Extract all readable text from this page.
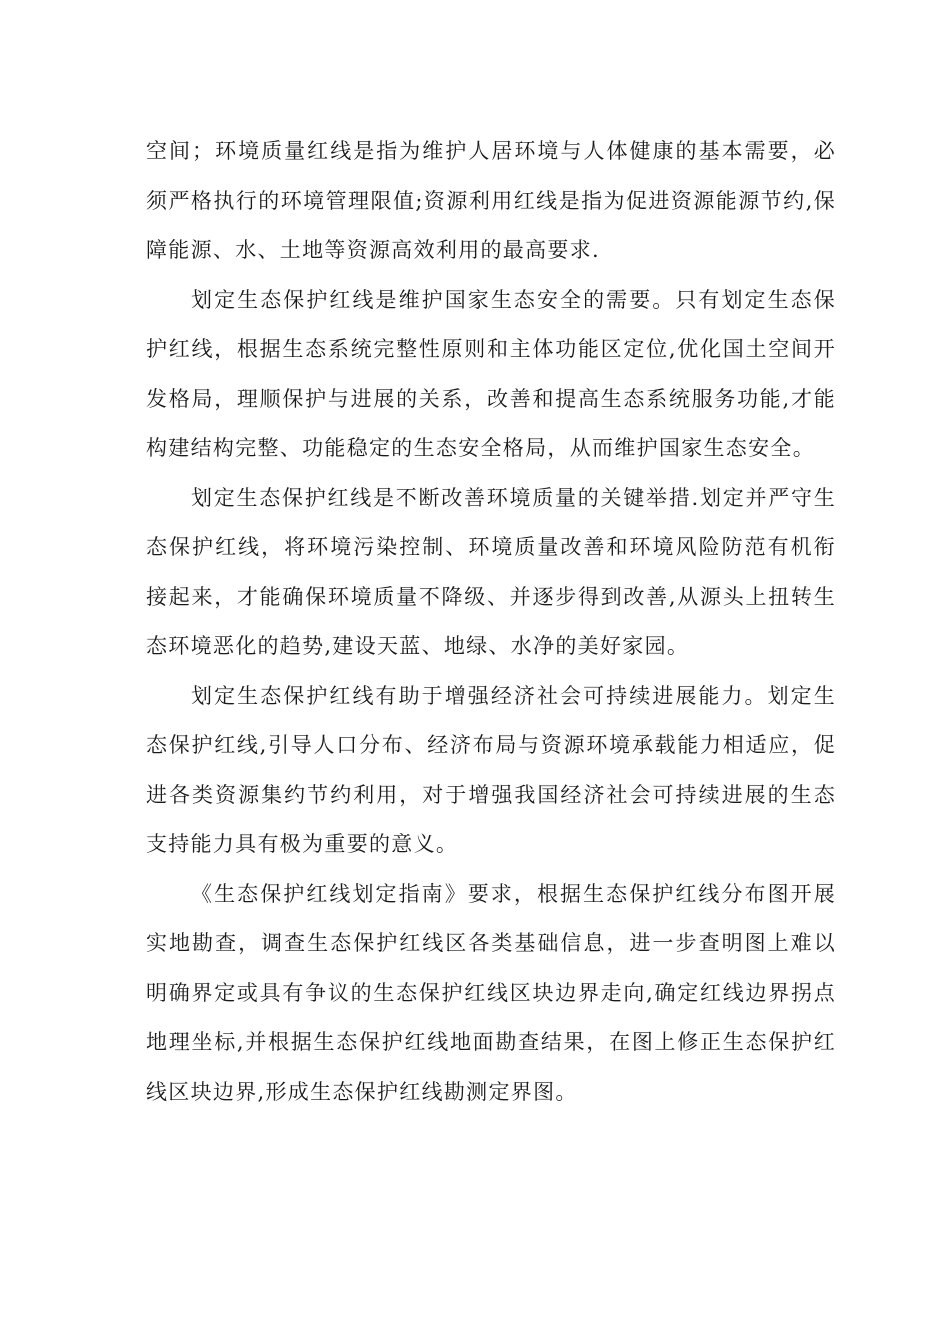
空间；环境质量红线是指为维护人居环境与人体健康的基本需要，必须严格执行的环境管理限值;资源利用红线是指为促进资源能源节约,保障能源、水、土地等资源高效利用的最高要求.

划定生态保护红线是维护国家生态安全的需要。只有划定生态保护红线，根据生态系统完整性原则和主体功能区定位,优化国土空间开发格局，理顺保护与进展的关系，改善和提高生态系统服务功能,才能构建结构完整、功能稳定的生态安全格局，从而维护国家生态安全。

划定生态保护红线是不断改善环境质量的关键举措.划定并严守生态保护红线，将环境污染控制、环境质量改善和环境风险防范有机衔接起来，才能确保环境质量不降级、并逐步得到改善,从源头上扭转生态环境恶化的趋势,建设天蓝、地绿、水净的美好家园。

划定生态保护红线有助于增强经济社会可持续进展能力。划定生态保护红线,引导人口分布、经济布局与资源环境承载能力相适应，促进各类资源集约节约利用，对于增强我国经济社会可持续进展的生态支持能力具有极为重要的意义。

《生态保护红线划定指南》要求，根据生态保护红线分布图开展实地勘查，调查生态保护红线区各类基础信息，进一步查明图上难以明确界定或具有争议的生态保护红线区块边界走向,确定红线边界拐点地理坐标,并根据生态保护红线地面勘查结果，在图上修正生态保护红线区块边界,形成生态保护红线勘测定界图。
